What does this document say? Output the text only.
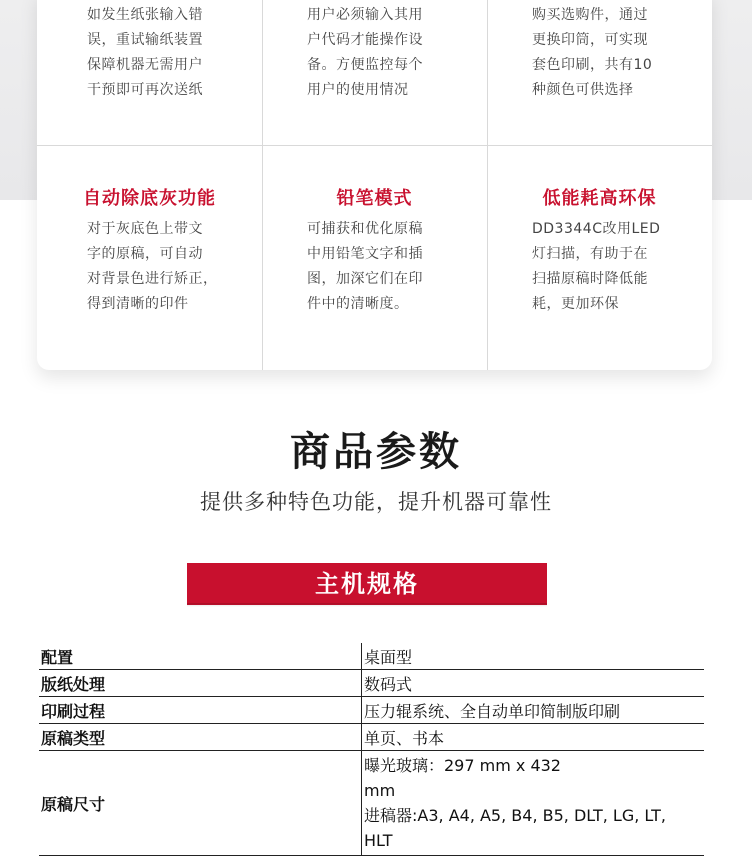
如发生纸张输入错
误，重试输纸装置
保障机器无需用户
干预即可再次送纸
用户必须输入其用
户代码才能操作设
备。方便监控每个
用户的使用情况
购买选购件，通过
更换印筒，可实现
套色印刷，共有10
种颜色可供选择
自动除底灰功能
对于灰底色上带文
字的原稿，可自动
对背景色进行矫正，
得到清晰的印件
铅笔模式
可捕获和优化原稿
中用铅笔文字和插
图，加深它们在印
件中的清晰度。
低能耗高环保
DD3344C改用LED
灯扫描，有助于在
扫描原稿时降低能
耗，更加环保
商品参数
提供多种特色功能，提升机器可靠性
主机规格
配置	桌面型
版纸处理	数码式
印刷过程	压力辊系统、全自动单印简制版印刷
原稿类型	单页、书本
原稿尺寸	曝光玻璃：297 mm x 432
mm
进稿器:A3, A4, A5, B4, B5, DLT, LG, LT,
HLT
